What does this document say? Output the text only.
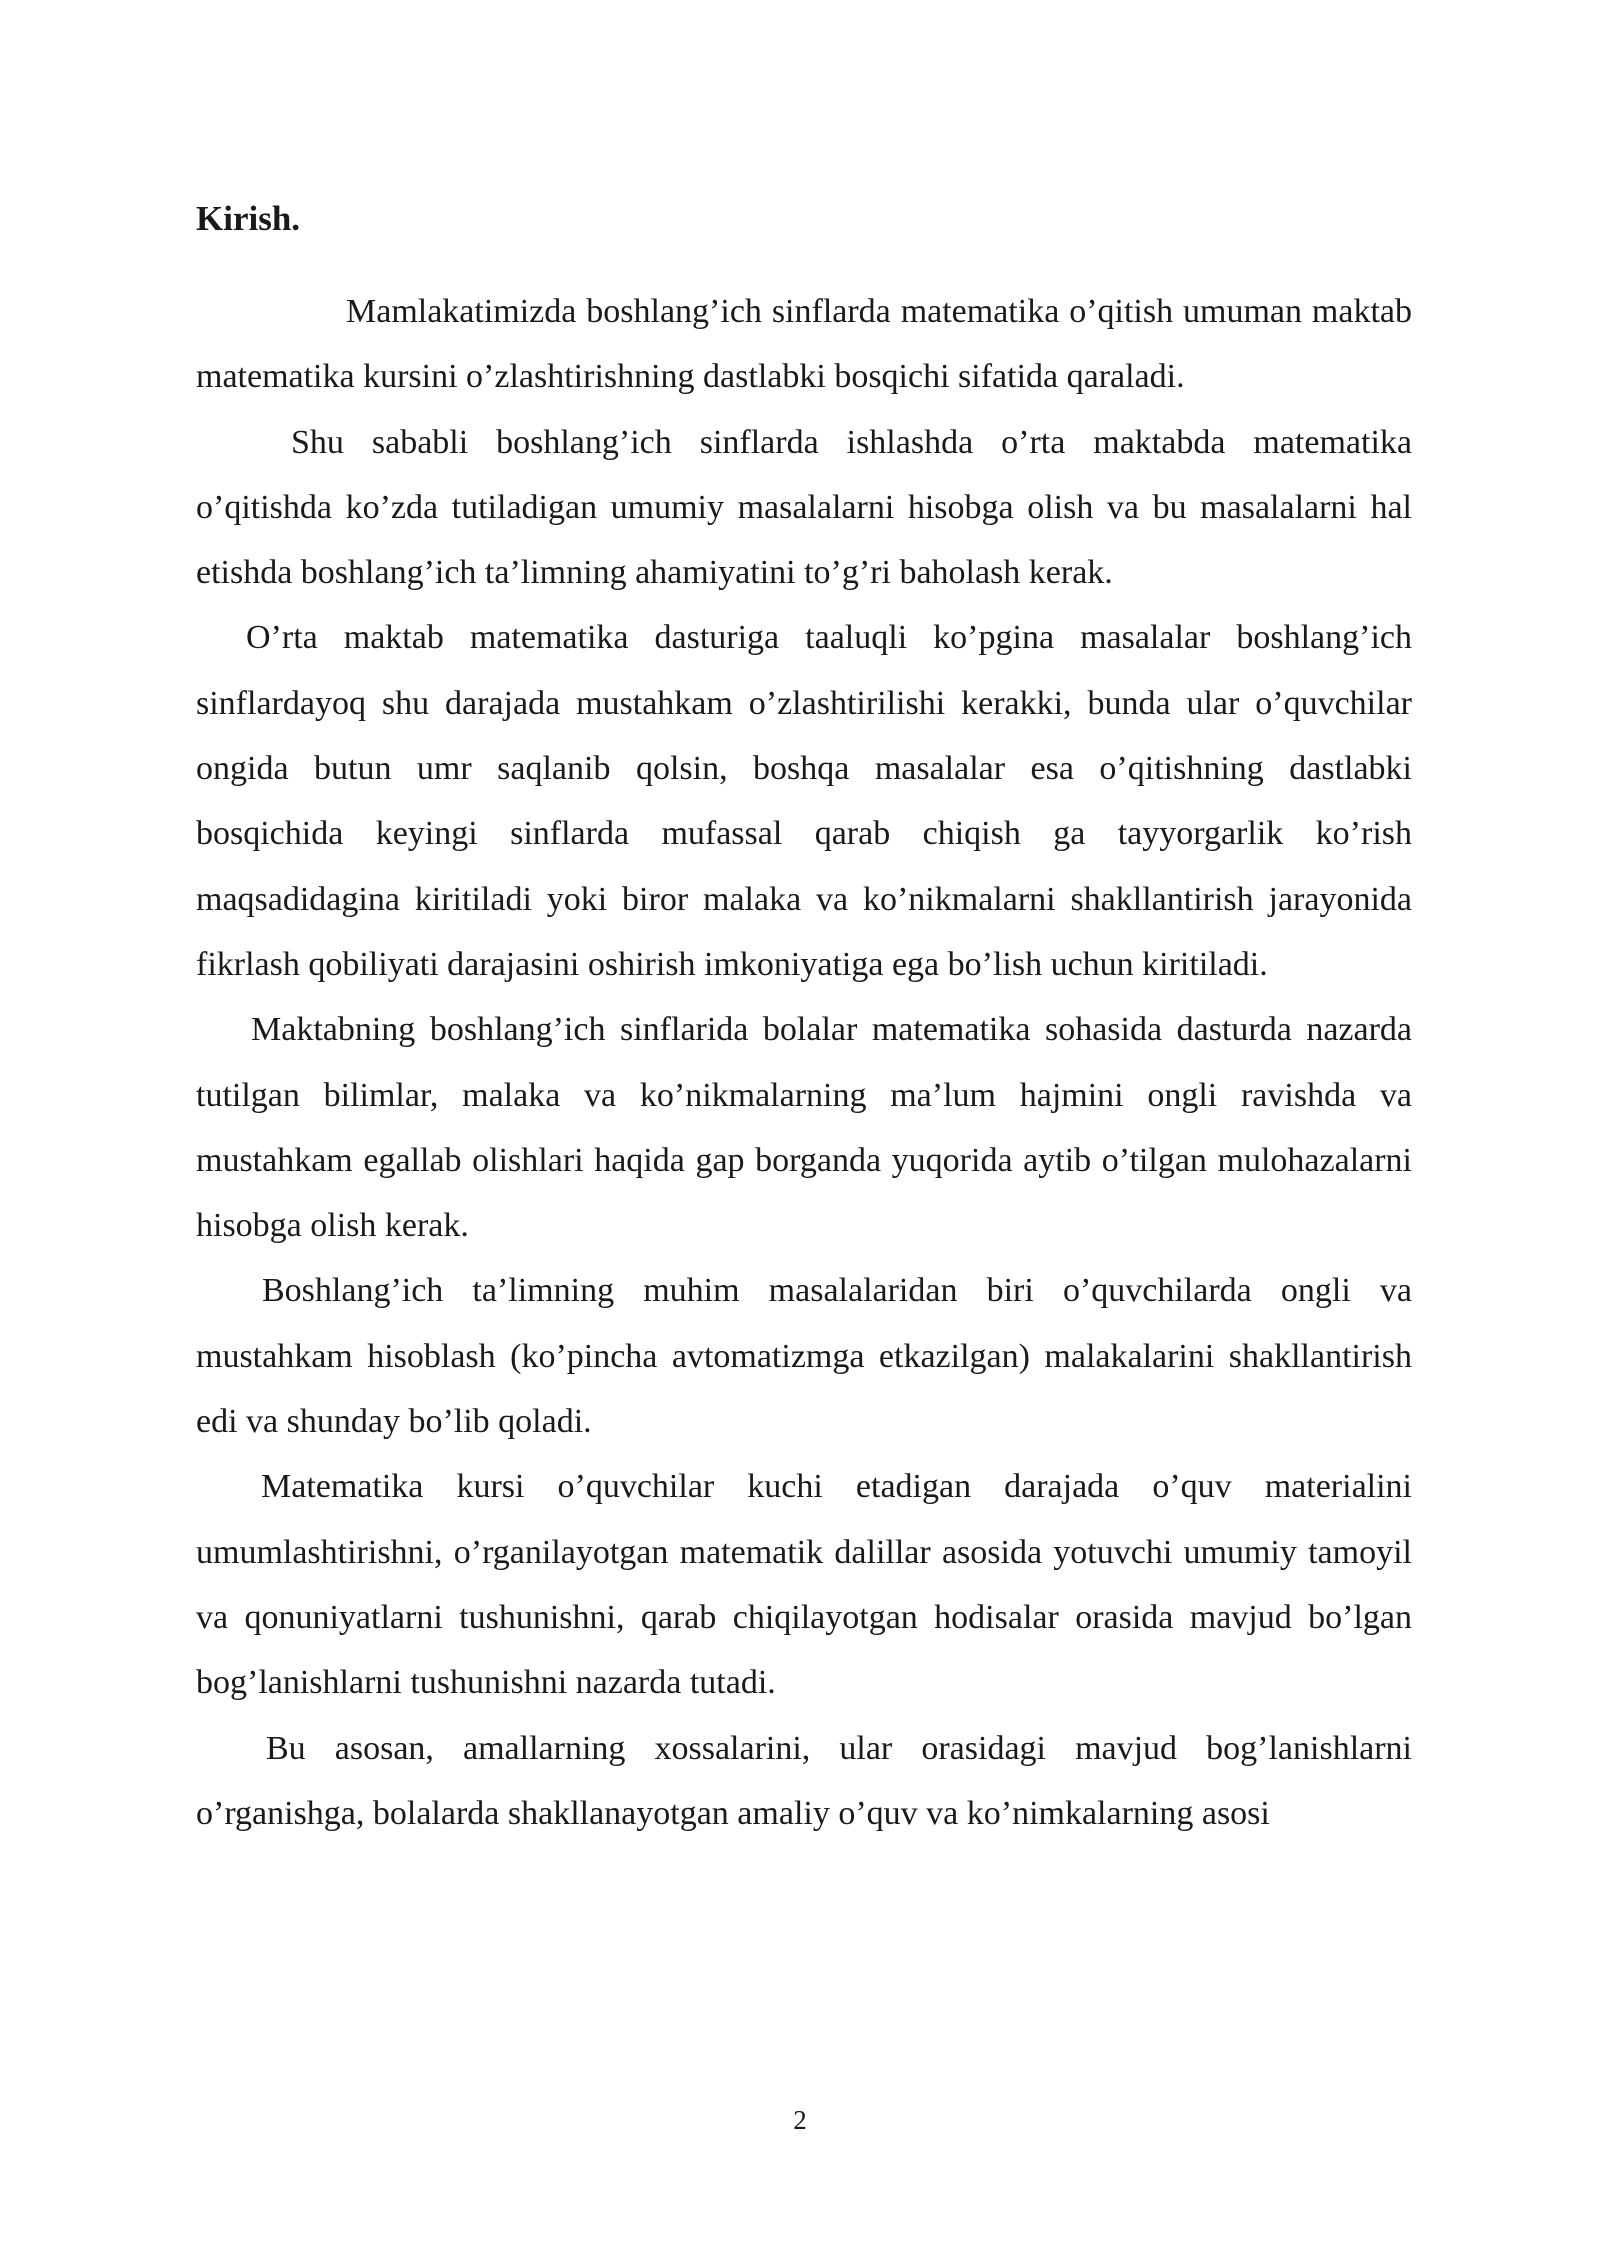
Kirish.

Mamlakatimizda boshlang’ich sinflarda matematika o’qitish umuman maktab matematika kursini o’zlashtirishning dastlabki bosqichi sifatida qaraladi.

Shu sababli boshlang’ich sinflarda ishlashda o’rta maktabda matematika o’qitishda ko’zda tutiladigan umumiy masalalarni hisobga olish va bu masalalarni hal etishda boshlang’ich ta’limning ahamiyatini to’g’ri baholash kerak.

O’rta maktab matematika dasturiga taaluqli ko’pgina masalalar boshlang’ich sinflardayoq shu darajada mustahkam o’zlashtirilishi kerakki, bunda ular o’quvchilar ongida butun umr saqlanib qolsin, boshqa masalalar esa o’qitishning dastlabki bosqichida keyingi sinflarda mufassal qarab chiqish ga tayyorgarlik ko’rish maqsadidagina kiritiladi yoki biror malaka va ko’nikmalarni shakllantirish jarayonida fikrlash qobiliyati darajasini oshirish imkoniyatiga ega bo’lish uchun kiritiladi.

Maktabning boshlang’ich sinflarida bolalar matematika sohasida dasturda nazarda tutilgan bilimlar, malaka va ko’nikmalarning ma’lum hajmini ongli ravishda va mustahkam egallab olishlari haqida gap borganda yuqorida aytib o’tilgan mulohazalarni hisobga olish kerak.

Boshlang’ich ta’limning muhim masalalaridan biri o’quvchilarda ongli va mustahkam hisoblash (ko’pincha avtomatizmga etkazilgan) malakalarini shakllantirish edi va shunday bo’lib qoladi.

Matematika kursi o’quvchilar kuchi etadigan darajada o’quv materialini umumlashtirishni, o’rganilayotgan matematik dalillar asosida yotuvchi umumiy tamoyil va qonuniyatlarni tushunishni, qarab chiqilayotgan hodisalar orasida mavjud bo’lgan bog’lanishlarni tushunishni nazarda tutadi.

Bu asosan, amallarning xossalarini, ular orasidagi mavjud bog’lanishlarni o’rganishga, bolalarda shakllanayotgan amaliy o’quv va ko’nimkalarning asosi

2
